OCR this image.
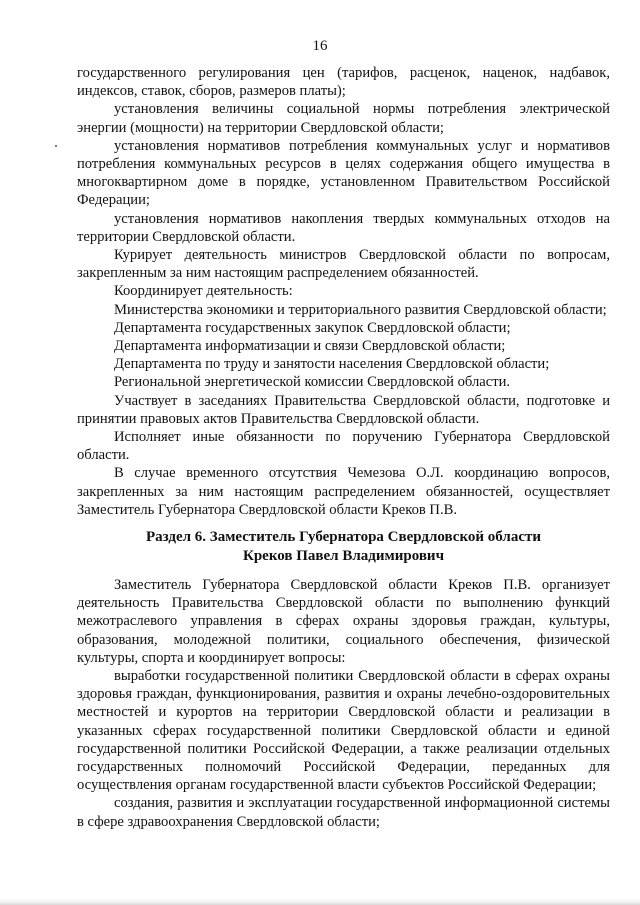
16

государственного регулирования цен (тарифов, расценок, наценок, надбавок, индексов, ставок, сборов, размеров платы);

установления величины социальной нормы потребления электрической энергии (мощности) на территории Свердловской области;

установления нормативов потребления коммунальных услуг и нормативов потребления коммунальных ресурсов в целях содержания общего имущества в многоквартирном доме в порядке, установленном Правительством Российской Федерации;

установления нормативов накопления твердых коммунальных отходов на территории Свердловской области.

Курирует деятельность министров Свердловской области по вопросам, закрепленным за ним настоящим распределением обязанностей.

Координирует деятельность:

Министерства экономики и территориального развития Свердловской области;

Департамента государственных закупок Свердловской области;

Департамента информатизации и связи Свердловской области;

Департамента по труду и занятости населения Свердловской области;

Региональной энергетической комиссии Свердловской области.

Участвует в заседаниях Правительства Свердловской области, подготовке и принятии правовых актов Правительства Свердловской области.

Исполняет иные обязанности по поручению Губернатора Свердловской области.

В случае временного отсутствия Чемезова О.Л. координацию вопросов, закрепленных за ним настоящим распределением обязанностей, осуществляет Заместитель Губернатора Свердловской области Креков П.В.

Раздел 6. Заместитель Губернатора Свердловской области
Креков Павел Владимирович

Заместитель Губернатора Свердловской области Креков П.В. организует деятельность Правительства Свердловской области по выполнению функций межотраслевого управления в сферах охраны здоровья граждан, культуры, образования, молодежной политики, социального обеспечения, физической культуры, спорта и координирует вопросы:

выработки государственной политики Свердловской области в сферах охраны здоровья граждан, функционирования, развития и охраны лечебно-оздоровительных местностей и курортов на территории Свердловской области и реализации в указанных сферах государственной политики Свердловской области и единой государственной политики Российской Федерации, а также реализации отдельных государственных полномочий Российской Федерации, переданных для осуществления органам государственной власти субъектов Российской Федерации;

создания, развития и эксплуатации государственной информационной системы в сфере здравоохранения Свердловской области;
